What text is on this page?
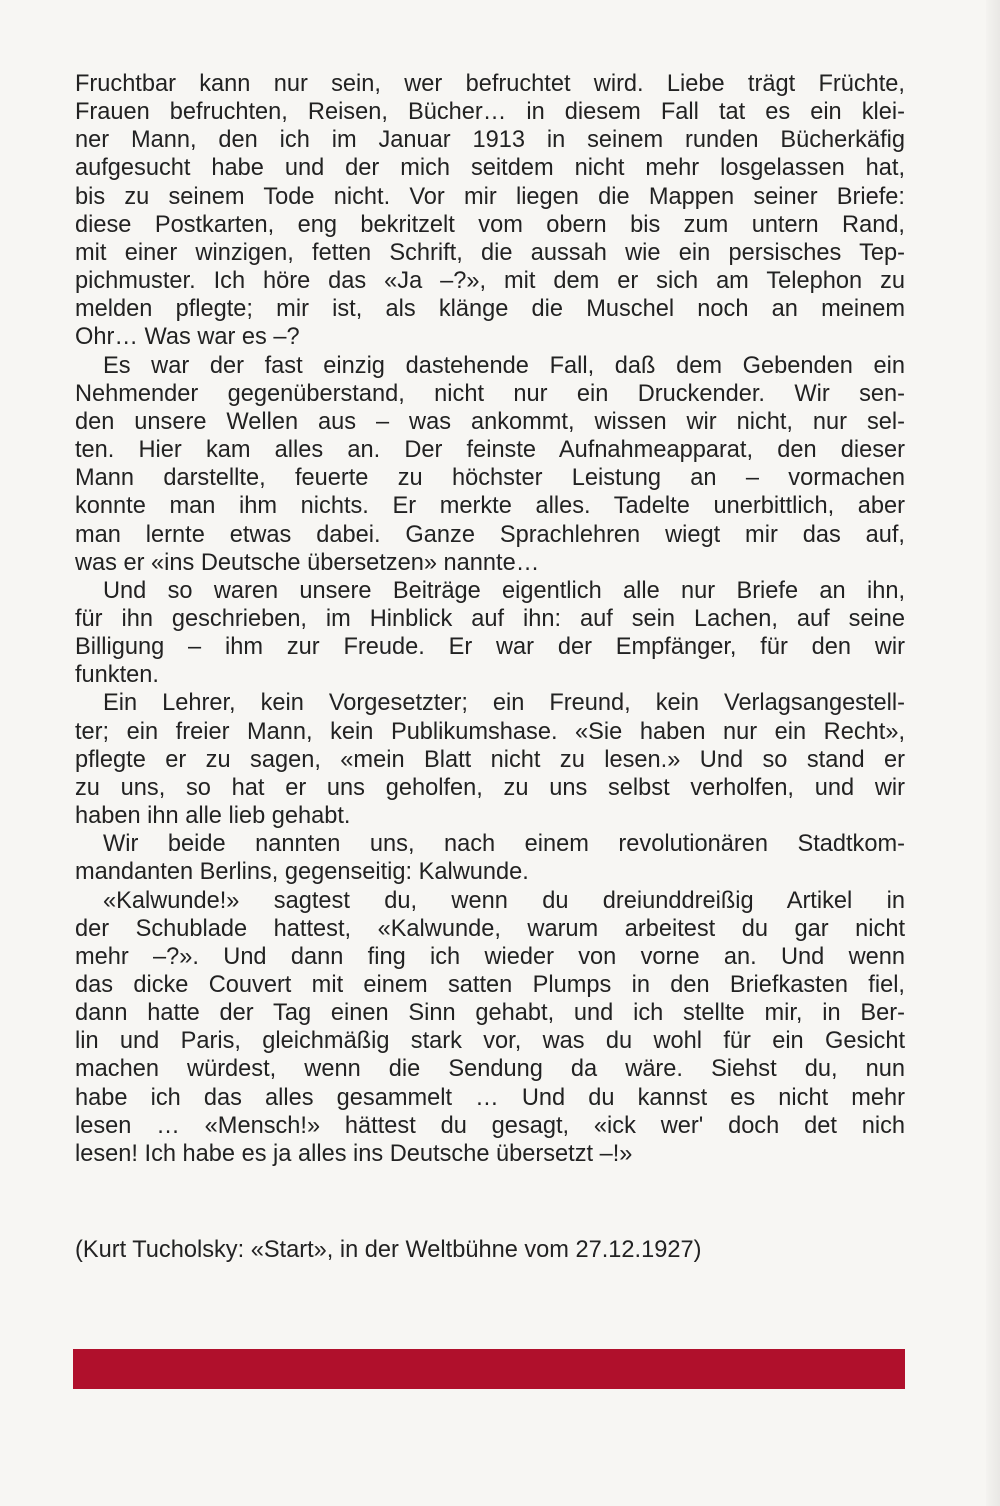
Fruchtbar kann nur sein, wer befruchtet wird. Liebe trägt Früchte,
Frauen befruchten, Reisen, Bücher… in diesem Fall tat es ein klei-
ner Mann, den ich im Januar 1913 in seinem runden Bücherkäfig
aufgesucht habe und der mich seitdem nicht mehr losgelassen hat,
bis zu seinem Tode nicht. Vor mir liegen die Mappen seiner Briefe:
diese Postkarten, eng bekritzelt vom obern bis zum untern Rand,
mit einer winzigen, fetten Schrift, die aussah wie ein persisches Tep-
pichmuster. Ich höre das «Ja –?», mit dem er sich am Telephon zu
melden pflegte; mir ist, als klänge die Muschel noch an meinem
Ohr… Was war es –?
Es war der fast einzig dastehende Fall, daß dem Gebenden ein
Nehmender gegenüberstand, nicht nur ein Druckender. Wir sen-
den unsere Wellen aus – was ankommt, wissen wir nicht, nur sel-
ten. Hier kam alles an. Der feinste Aufnahmeapparat, den dieser
Mann darstellte, feuerte zu höchster Leistung an – vormachen
konnte man ihm nichts. Er merkte alles. Tadelte unerbittlich, aber
man lernte etwas dabei. Ganze Sprachlehren wiegt mir das auf,
was er «ins Deutsche übersetzen» nannte…
Und so waren unsere Beiträge eigentlich alle nur Briefe an ihn,
für ihn geschrieben, im Hinblick auf ihn: auf sein Lachen, auf seine
Billigung – ihm zur Freude. Er war der Empfänger, für den wir
funkten.
Ein Lehrer, kein Vorgesetzter; ein Freund, kein Verlagsangestell-
ter; ein freier Mann, kein Publikumshase. «Sie haben nur ein Recht»,
pflegte er zu sagen, «mein Blatt nicht zu lesen.» Und so stand er
zu uns, so hat er uns geholfen, zu uns selbst verholfen, und wir
haben ihn alle lieb gehabt.
Wir beide nannten uns, nach einem revolutionären Stadtkom-
mandanten Berlins, gegenseitig: Kalwunde.
«Kalwunde!» sagtest du, wenn du dreiunddreißig Artikel in
der Schublade hattest, «Kalwunde, warum arbeitest du gar nicht
mehr –?». Und dann fing ich wieder von vorne an. Und wenn
das dicke Couvert mit einem satten Plumps in den Briefkasten fiel,
dann hatte der Tag einen Sinn gehabt, und ich stellte mir, in Ber-
lin und Paris, gleichmäßig stark vor, was du wohl für ein Gesicht
machen würdest, wenn die Sendung da wäre. Siehst du, nun
habe ich das alles gesammelt … Und du kannst es nicht mehr
lesen … «Mensch!» hättest du gesagt, «ick wer' doch det nich
lesen! Ich habe es ja alles ins Deutsche übersetzt –!»
(Kurt Tucholsky: «Start», in der Weltbühne vom 27.12.1927)
